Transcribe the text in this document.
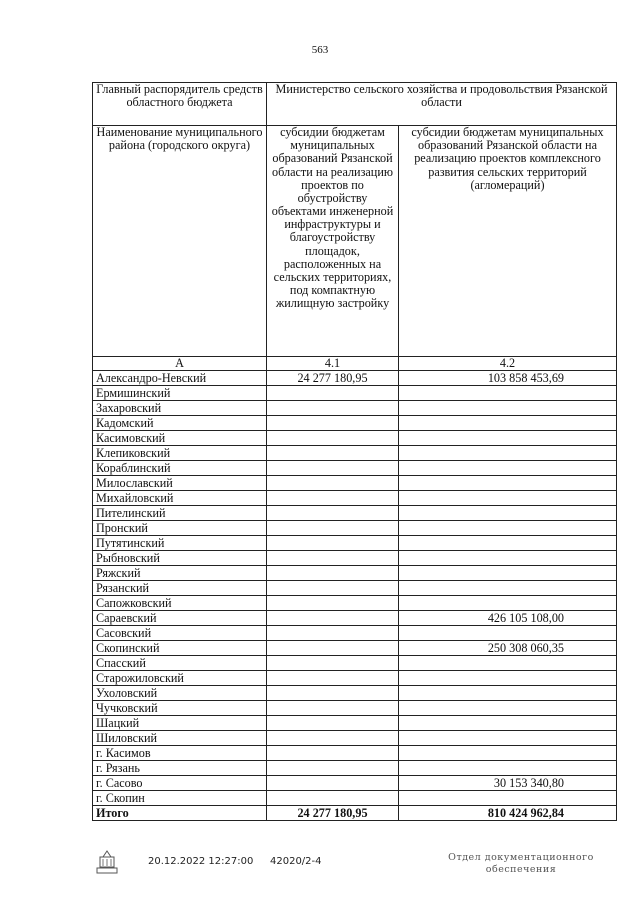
563
Главный распорядитель средств областного бюджета	Министерство сельского хозяйства и продовольствия Рязанской области	
Наименование муниципального района (городского округа)	субсидии бюджетам муниципальных образований Рязанской области на реализацию проектов по обустройству объектами инженерной инфраструктуры и благоустройству площадок, расположенных на сельских территориях, под компактную жилищную застройку	субсидии бюджетам муниципальных образований Рязанской области на реализацию проектов комплексного развития сельских территорий (агломераций)
А	4.1	4.2
Александро-Невский	24 277 180,95	103 858 453,69
Ермишинский		
Захаровский		
Кадомский		
Касимовский		
Клепиковский		
Кораблинский		
Милославский		
Михайловский		
Пителинский		
Пронский		
Путятинский		
Рыбновский		
Ряжский		
Рязанский		
Сапожковский		
Сараевский		426 105 108,00
Сасовский		
Скопинский		250 308 060,35
Спасский		
Старожиловский		
Ухоловский		
Чучковский		
Шацкий		
Шиловский		
г. Касимов		
г. Рязань		
г. Сасово		30 153 340,80
г. Скопин		
Итого	24 277 180,95	810 424 962,84
20.12.2022 12:27:00 42020/2-4	Отдел документационного
обеспечения
